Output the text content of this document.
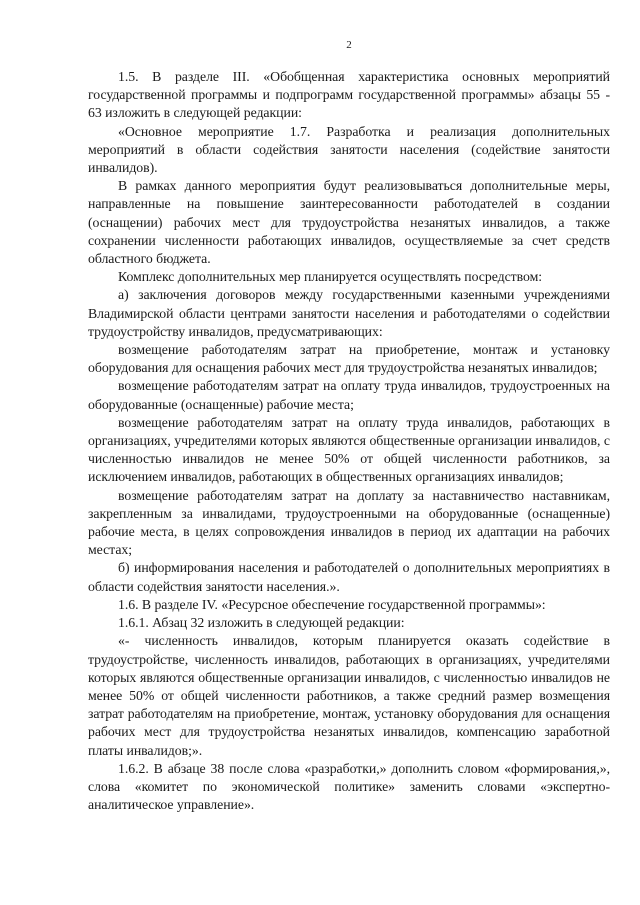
2

1.5. В разделе III. «Обобщенная характеристика основных мероприятий государственной программы и подпрограмм государственной программы» абзацы 55 - 63 изложить в следующей редакции:

«Основное мероприятие 1.7. Разработка и реализация дополнительных мероприятий в области содействия занятости населения (содействие занятости инвалидов).

В рамках данного мероприятия будут реализовываться дополнительные меры, направленные на повышение заинтересованности работодателей в создании (оснащении) рабочих мест для трудоустройства незанятых инвалидов, а также сохранении численности работающих инвалидов, осуществляемые за счет средств областного бюджета.

Комплекс дополнительных мер планируется осуществлять посредством:

а) заключения договоров между государственными казенными учреждениями Владимирской области центрами занятости населения и работодателями о содействии трудоустройству инвалидов, предусматривающих:

возмещение работодателям затрат на приобретение, монтаж и установку оборудования для оснащения рабочих мест для трудоустройства незанятых инвалидов;

возмещение работодателям затрат на оплату труда инвалидов, трудоустроенных на оборудованные (оснащенные) рабочие места;

возмещение работодателям затрат на оплату труда инвалидов, работающих в организациях, учредителями которых являются общественные организации инвалидов, с численностью инвалидов не менее 50% от общей численности работников, за исключением инвалидов, работающих в общественных организациях инвалидов;

возмещение работодателям затрат на доплату за наставничество наставникам, закрепленным за инвалидами, трудоустроенными на оборудованные (оснащенные) рабочие места, в целях сопровождения инвалидов в период их адаптации на рабочих местах;

б) информирования населения и работодателей о дополнительных мероприятиях в области содействия занятости населения.».

1.6. В разделе IV. «Ресурсное обеспечение государственной программы»:

1.6.1. Абзац 32 изложить в следующей редакции:

«- численность инвалидов, которым планируется оказать содействие в трудоустройстве, численность инвалидов, работающих в организациях, учредителями которых являются общественные организации инвалидов, с численностью инвалидов не менее 50% от общей численности работников, а также средний размер возмещения затрат работодателям на приобретение, монтаж, установку оборудования для оснащения рабочих мест для трудоустройства незанятых инвалидов, компенсацию заработной платы инвалидов;».

1.6.2. В абзаце 38 после слова «разработки,» дополнить словом «формирования,», слова «комитет по экономической политике» заменить словами «экспертно-аналитическое управление».
